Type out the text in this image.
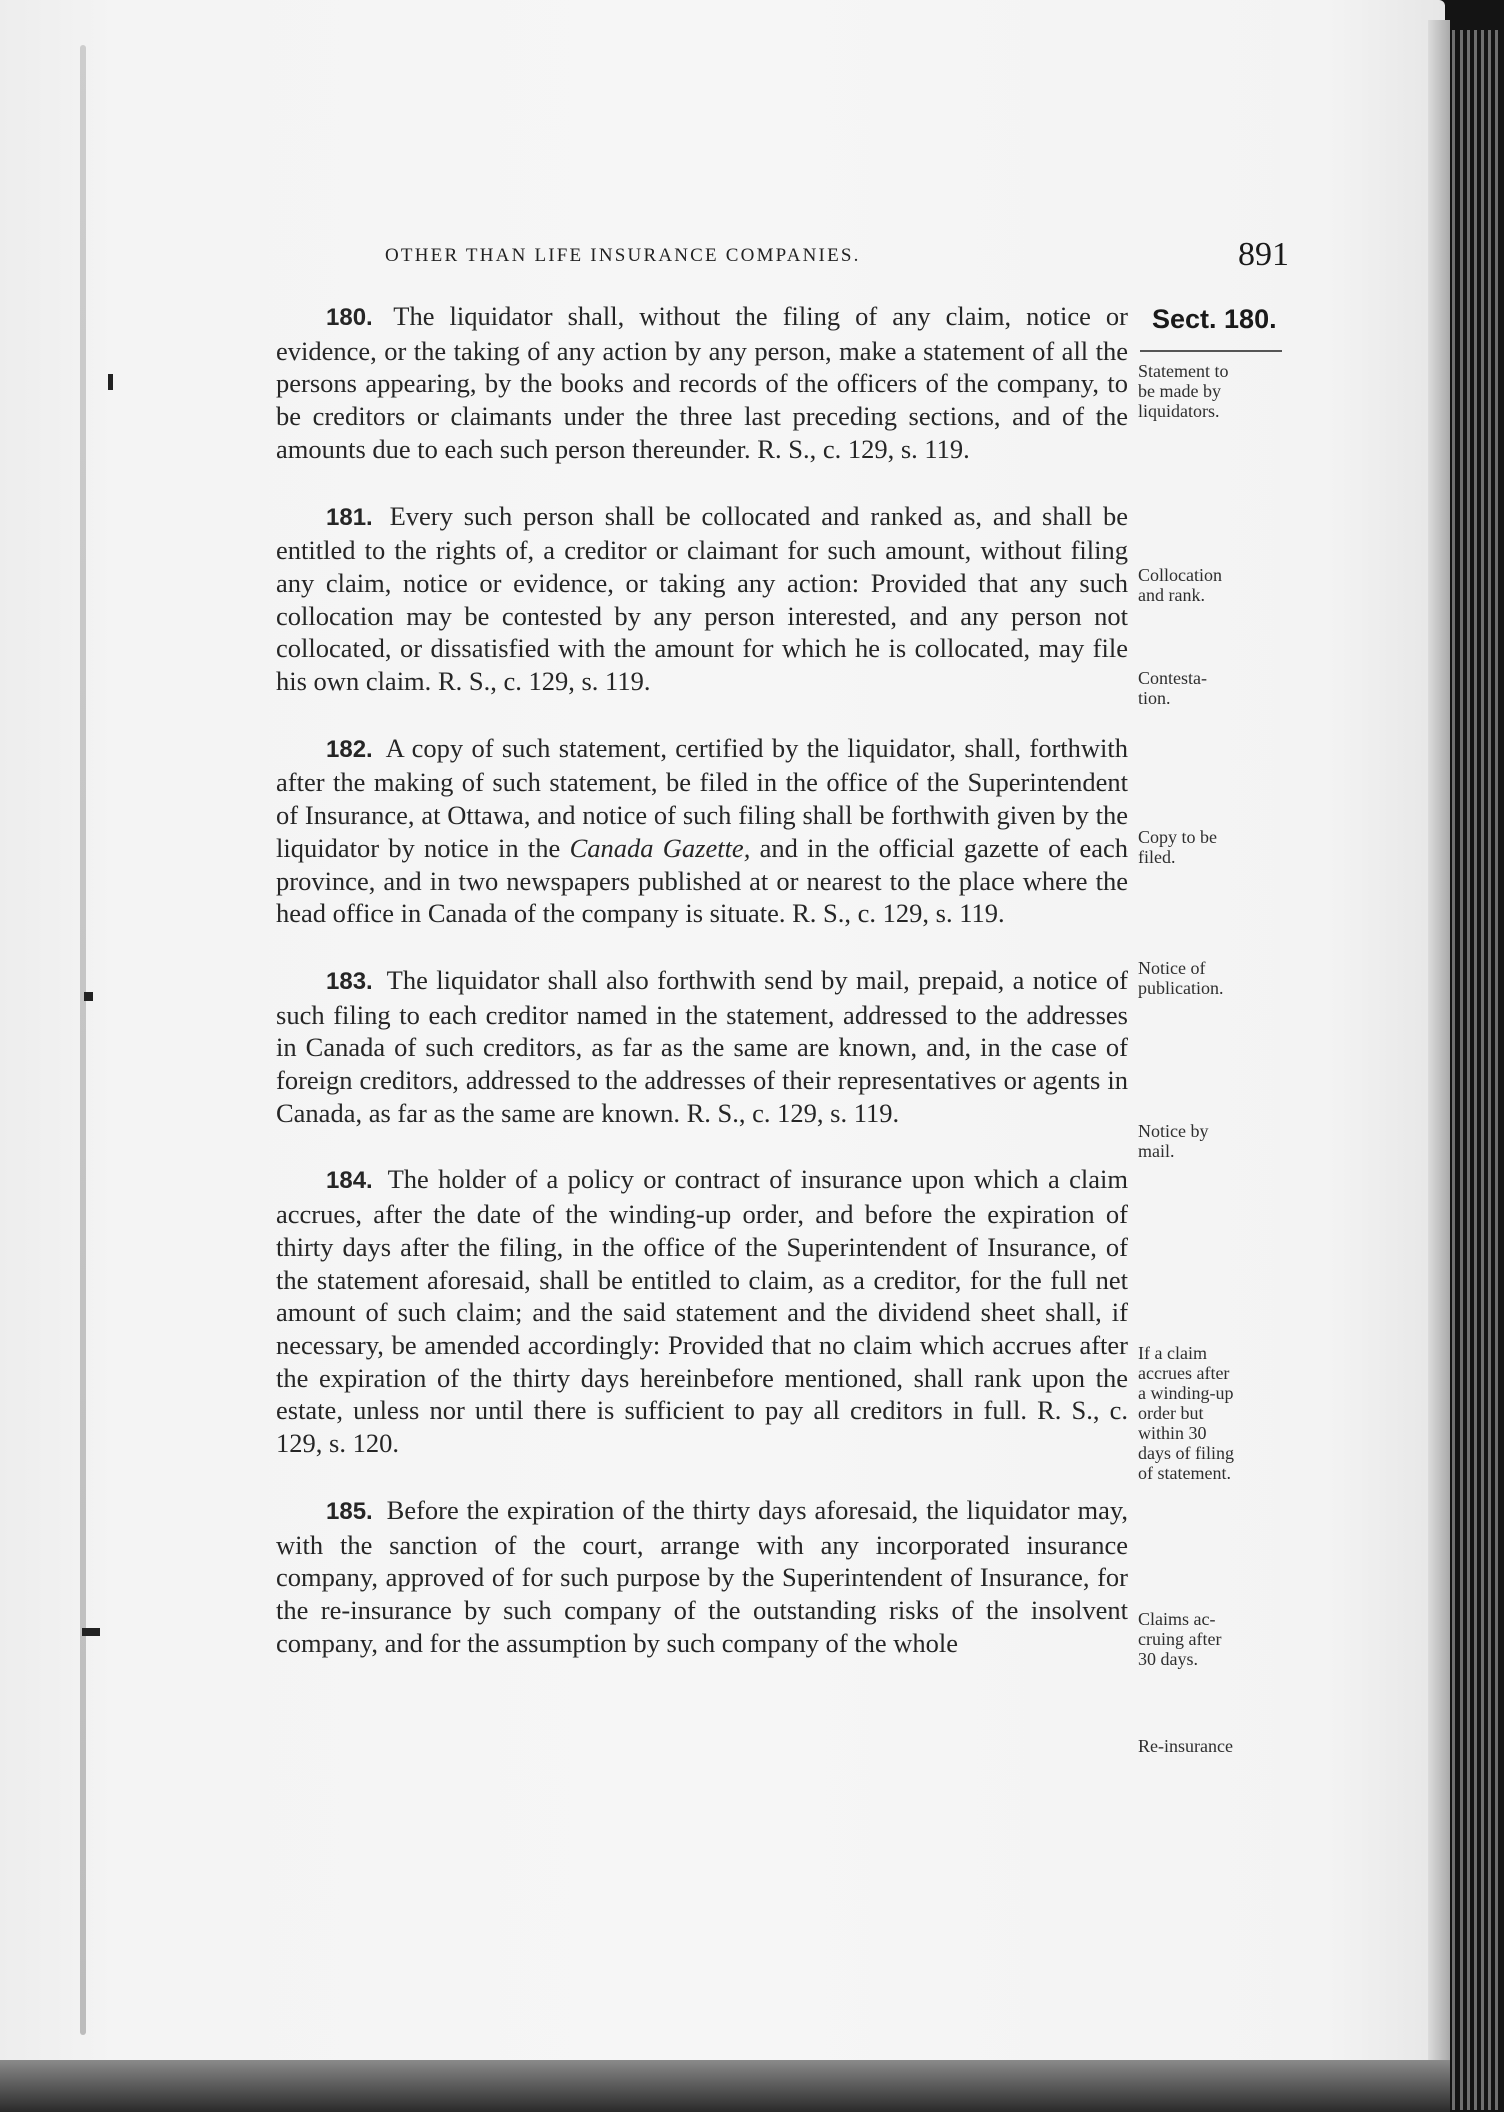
OTHER THAN LIFE INSURANCE COMPANIES.	891
Sect. 180.

180. The liquidator shall, without the filing of any claim, notice or evidence, or the taking of any action by any person, make a statement of all the persons appearing, by the books and records of the officers of the company, to be creditors or claimants under the three last preceding sections, and of the amounts due to each such person thereunder. R. S., c. 129, s. 119.

181. Every such person shall be collocated and ranked as, and shall be entitled to the rights of, a creditor or claimant for such amount, without filing any claim, notice or evidence, or taking any action: Provided that any such collocation may be contested by any person interested, and any person not collocated, or dissatisfied with the amount for which he is collocated, may file his own claim. R. S., c. 129, s. 119.

182. A copy of such statement, certified by the liquidator, shall, forthwith after the making of such statement, be filed in the office of the Superintendent of Insurance, at Ottawa, and notice of such filing shall be forthwith given by the liquidator by notice in the Canada Gazette, and in the official gazette of each province, and in two newspapers published at or nearest to the place where the head office in Canada of the company is situate. R. S., c. 129, s. 119.

183. The liquidator shall also forthwith send by mail, prepaid, a notice of such filing to each creditor named in the statement, addressed to the addresses in Canada of such creditors, as far as the same are known, and, in the case of foreign creditors, addressed to the addresses of their representatives or agents in Canada, as far as the same are known. R. S., c. 129, s. 119.

184. The holder of a policy or contract of insurance upon which a claim accrues, after the date of the winding-up order, and before the expiration of thirty days after the filing, in the office of the Superintendent of Insurance, of the statement aforesaid, shall be entitled to claim, as a creditor, for the full net amount of such claim; and the said statement and the dividend sheet shall, if necessary, be amended accordingly: Provided that no claim which accrues after the expiration of the thirty days hereinbefore mentioned, shall rank upon the estate, unless nor until there is sufficient to pay all creditors in full. R. S., c. 129, s. 120.

185. Before the expiration of the thirty days aforesaid, the liquidator may, with the sanction of the court, arrange with any incorporated insurance company, approved of for such purpose by the Superintendent of Insurance, for the re-insurance by such company of the outstanding risks of the insolvent company, and for the assumption by such company of the whole

Statement to
be made by
liquidators.
Collocation
and rank.
Contesta-
tion.
Copy to be
filed.
Notice of
publication.
Notice by
mail.
If a claim
accrues after
a winding-up
order but
within 30
days of filing
of statement.
Claims ac-
cruing after
30 days.
Re-insurance
